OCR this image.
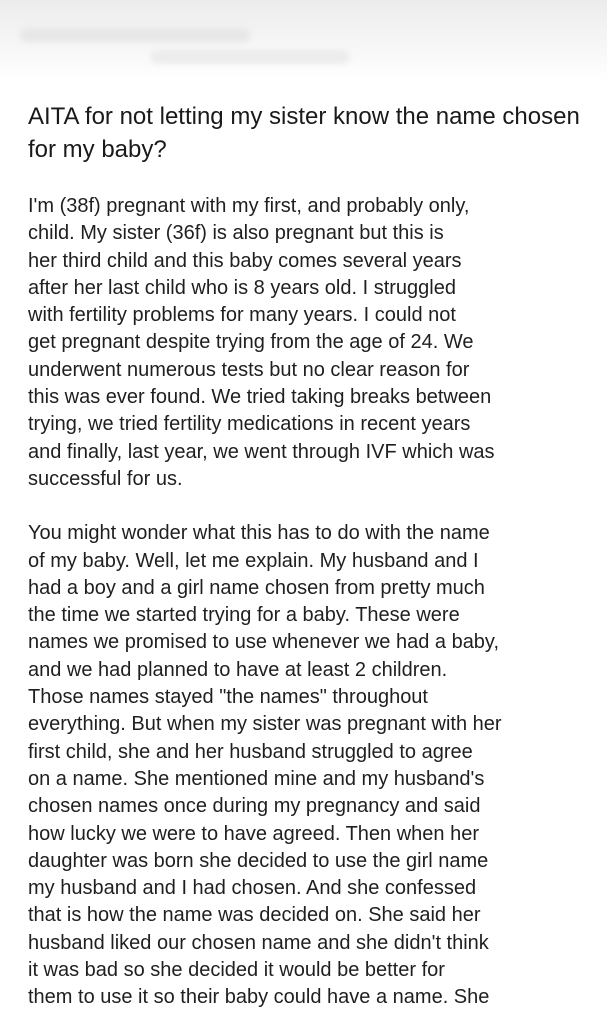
AITA for not letting my sister know the name chosen for my baby?

I'm (38f) pregnant with my first, and probably only,
child. My sister (36f) is also pregnant but this is
her third child and this baby comes several years
after her last child who is 8 years old. I struggled
with fertility problems for many years. I could not
get pregnant despite trying from the age of 24. We
underwent numerous tests but no clear reason for
this was ever found. We tried taking breaks between
trying, we tried fertility medications in recent years
and finally, last year, we went through IVF which was
successful for us.

You might wonder what this has to do with the name
of my baby. Well, let me explain. My husband and I
had a boy and a girl name chosen from pretty much
the time we started trying for a baby. These were
names we promised to use whenever we had a baby,
and we had planned to have at least 2 children.
Those names stayed "the names" throughout
everything. But when my sister was pregnant with her
first child, she and her husband struggled to agree
on a name. She mentioned mine and my husband's
chosen names once during my pregnancy and said
how lucky we were to have agreed. Then when her
daughter was born she decided to use the girl name
my husband and I had chosen. And she confessed
that is how the name was decided on. She said her
husband liked our chosen name and she didn't think
it was bad so she decided it would be better for
them to use it so their baby could have a name. She
